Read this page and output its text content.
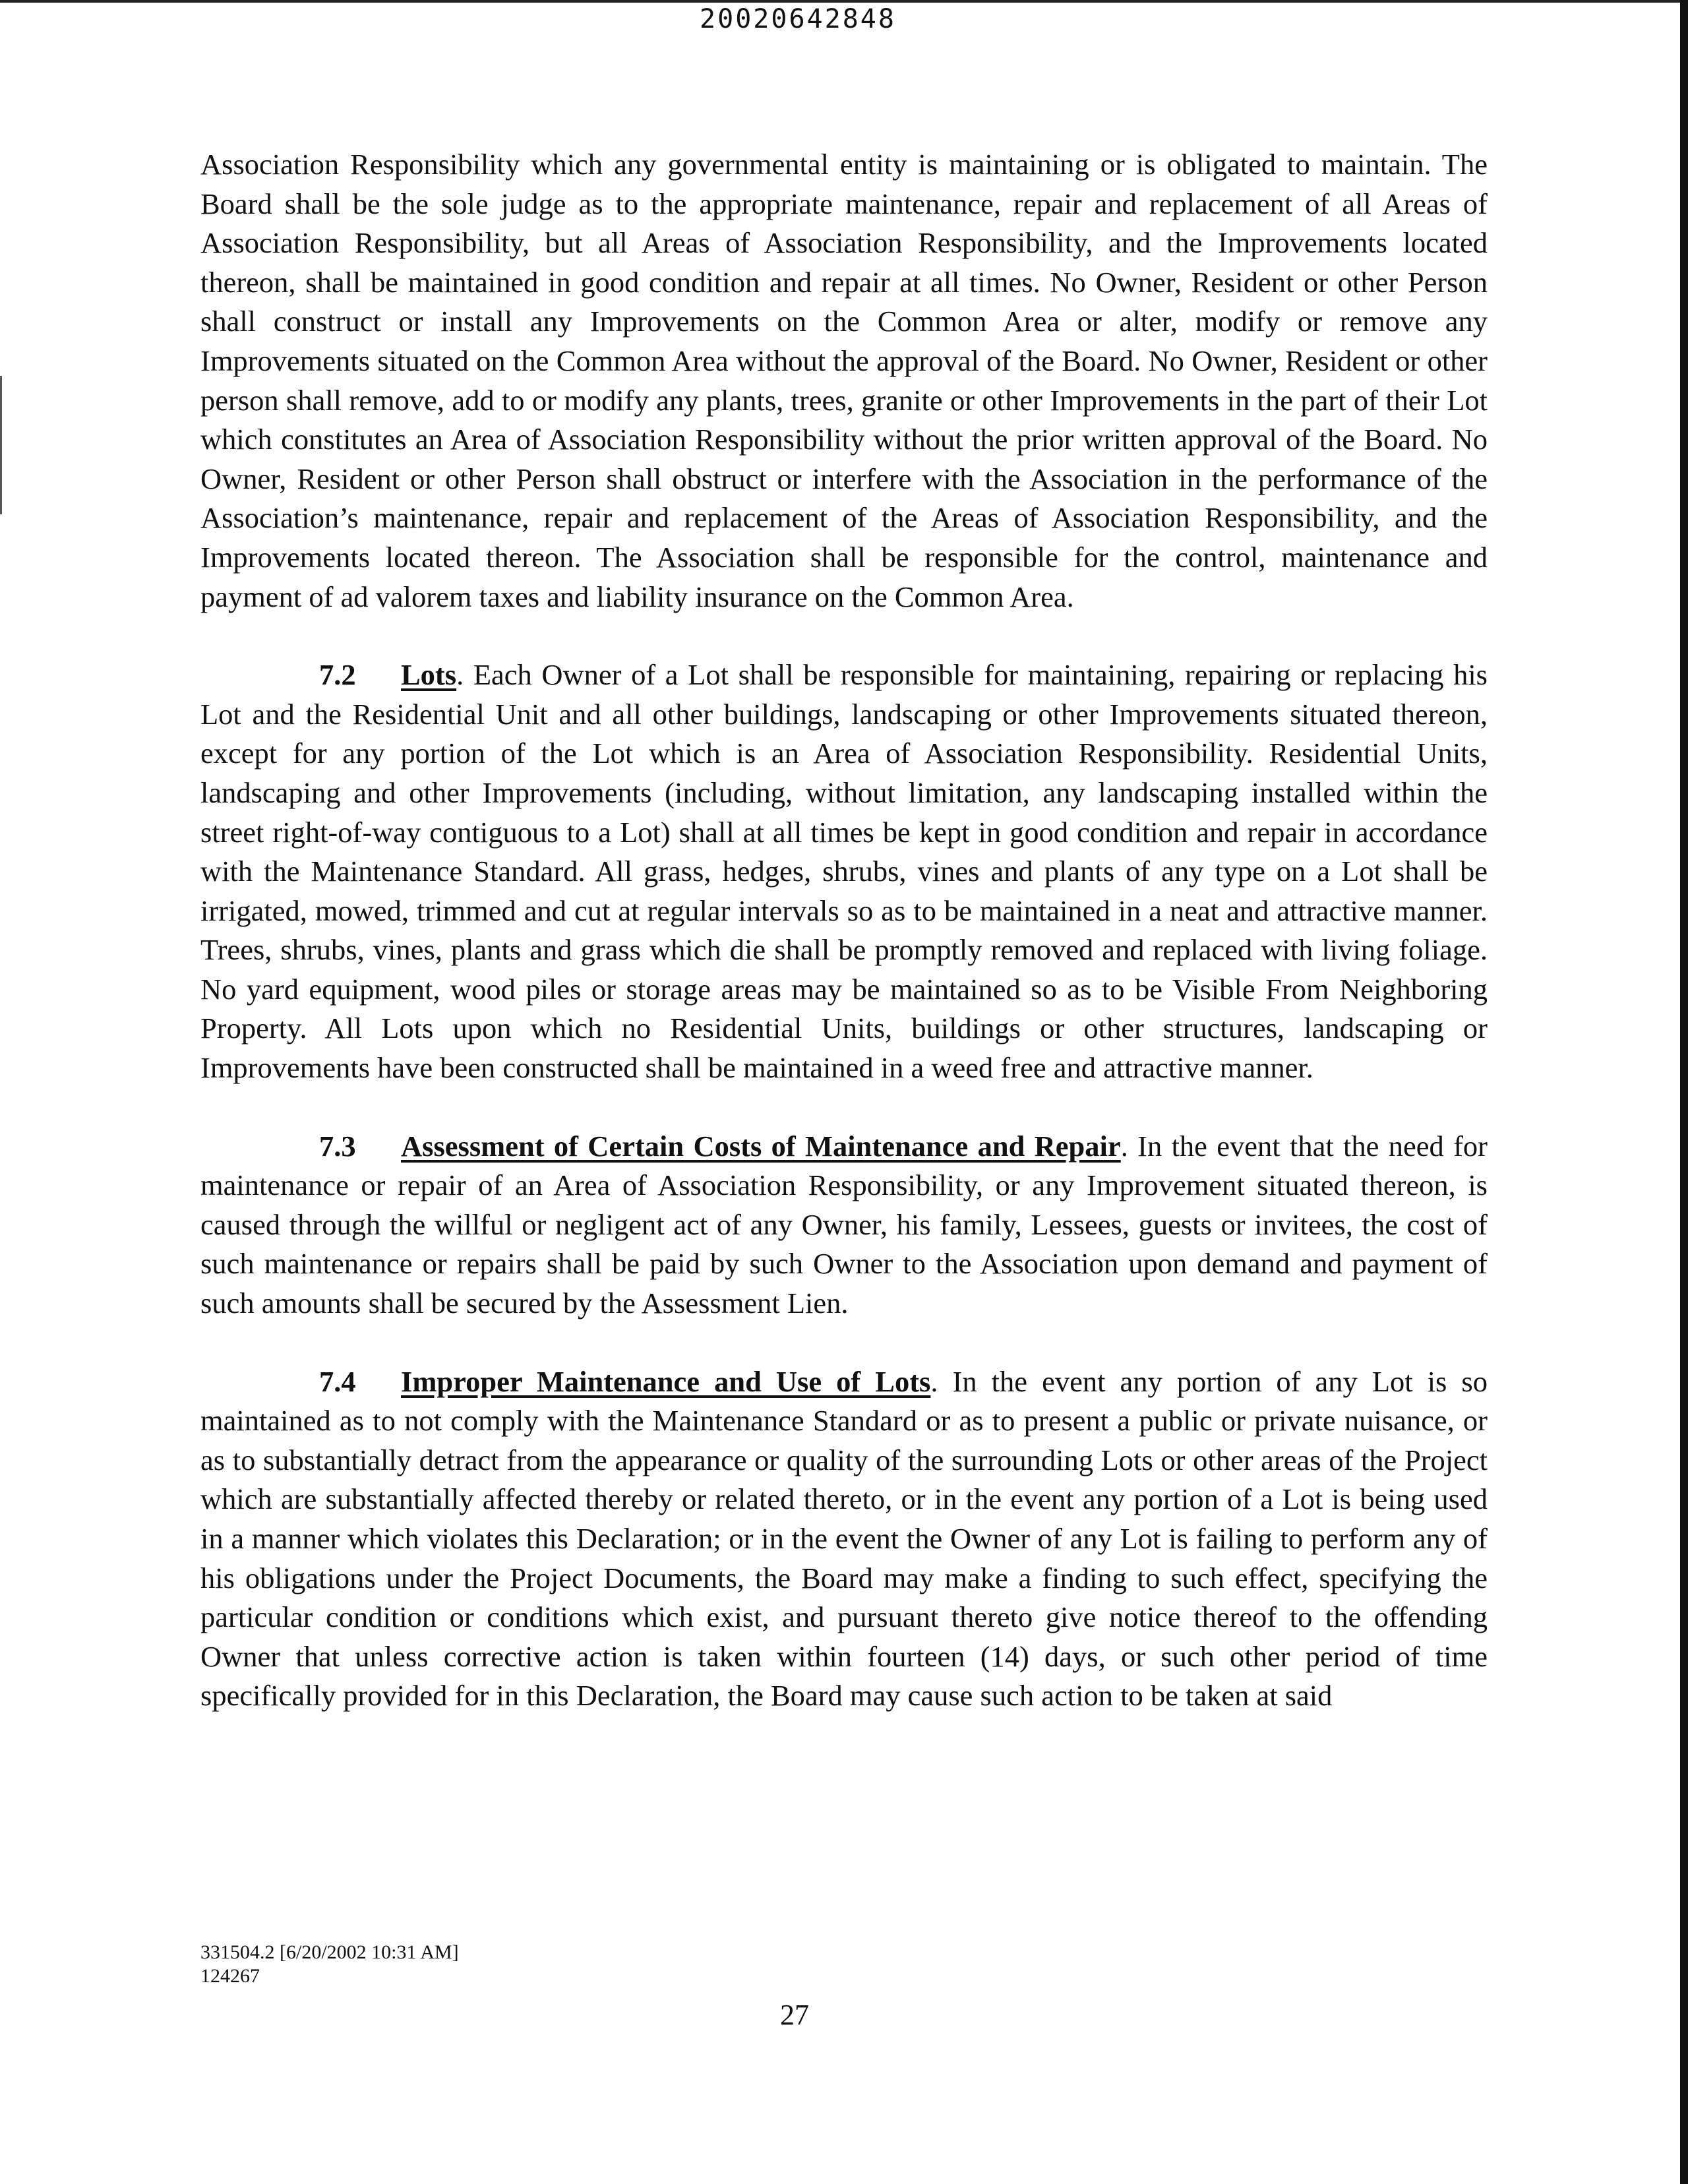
20020642848

Association Responsibility which any governmental entity is maintaining or is obligated to maintain. The Board shall be the sole judge as to the appropriate maintenance, repair and replacement of all Areas of Association Responsibility, but all Areas of Association Responsibility, and the Improvements located thereon, shall be maintained in good condition and repair at all times. No Owner, Resident or other Person shall construct or install any Improvements on the Common Area or alter, modify or remove any Improvements situated on the Common Area without the approval of the Board. No Owner, Resident or other person shall remove, add to or modify any plants, trees, granite or other Improvements in the part of their Lot which constitutes an Area of Association Responsibility without the prior written approval of the Board. No Owner, Resident or other Person shall obstruct or interfere with the Association in the performance of the Association’s maintenance, repair and replacement of the Areas of Association Responsibility, and the Improvements located thereon. The Association shall be responsible for the control, maintenance and payment of ad valorem taxes and liability insurance on the Common Area.

7.2 Lots. Each Owner of a Lot shall be responsible for maintaining, repairing or replacing his Lot and the Residential Unit and all other buildings, landscaping or other Improvements situated thereon, except for any portion of the Lot which is an Area of Association Responsibility. Residential Units, landscaping and other Improvements (including, without limitation, any landscaping installed within the street right-of-way contiguous to a Lot) shall at all times be kept in good condition and repair in accordance with the Maintenance Standard. All grass, hedges, shrubs, vines and plants of any type on a Lot shall be irrigated, mowed, trimmed and cut at regular intervals so as to be maintained in a neat and attractive manner. Trees, shrubs, vines, plants and grass which die shall be promptly removed and replaced with living foliage. No yard equipment, wood piles or storage areas may be maintained so as to be Visible From Neighboring Property. All Lots upon which no Residential Units, buildings or other structures, landscaping or Improvements have been constructed shall be maintained in a weed free and attractive manner.

7.3 Assessment of Certain Costs of Maintenance and Repair. In the event that the need for maintenance or repair of an Area of Association Responsibility, or any Improvement situated thereon, is caused through the willful or negligent act of any Owner, his family, Lessees, guests or invitees, the cost of such maintenance or repairs shall be paid by such Owner to the Association upon demand and payment of such amounts shall be secured by the Assessment Lien.

7.4 Improper Maintenance and Use of Lots. In the event any portion of any Lot is so maintained as to not comply with the Maintenance Standard or as to present a public or private nuisance, or as to substantially detract from the appearance or quality of the surrounding Lots or other areas of the Project which are substantially affected thereby or related thereto, or in the event any portion of a Lot is being used in a manner which violates this Declaration; or in the event the Owner of any Lot is failing to perform any of his obligations under the Project Documents, the Board may make a finding to such effect, specifying the particular condition or conditions which exist, and pursuant thereto give notice thereof to the offending Owner that unless corrective action is taken within fourteen (14) days, or such other period of time specifically provided for in this Declaration, the Board may cause such action to be taken at said

331504.2 [6/20/2002 10:31 AM]
124267
27
